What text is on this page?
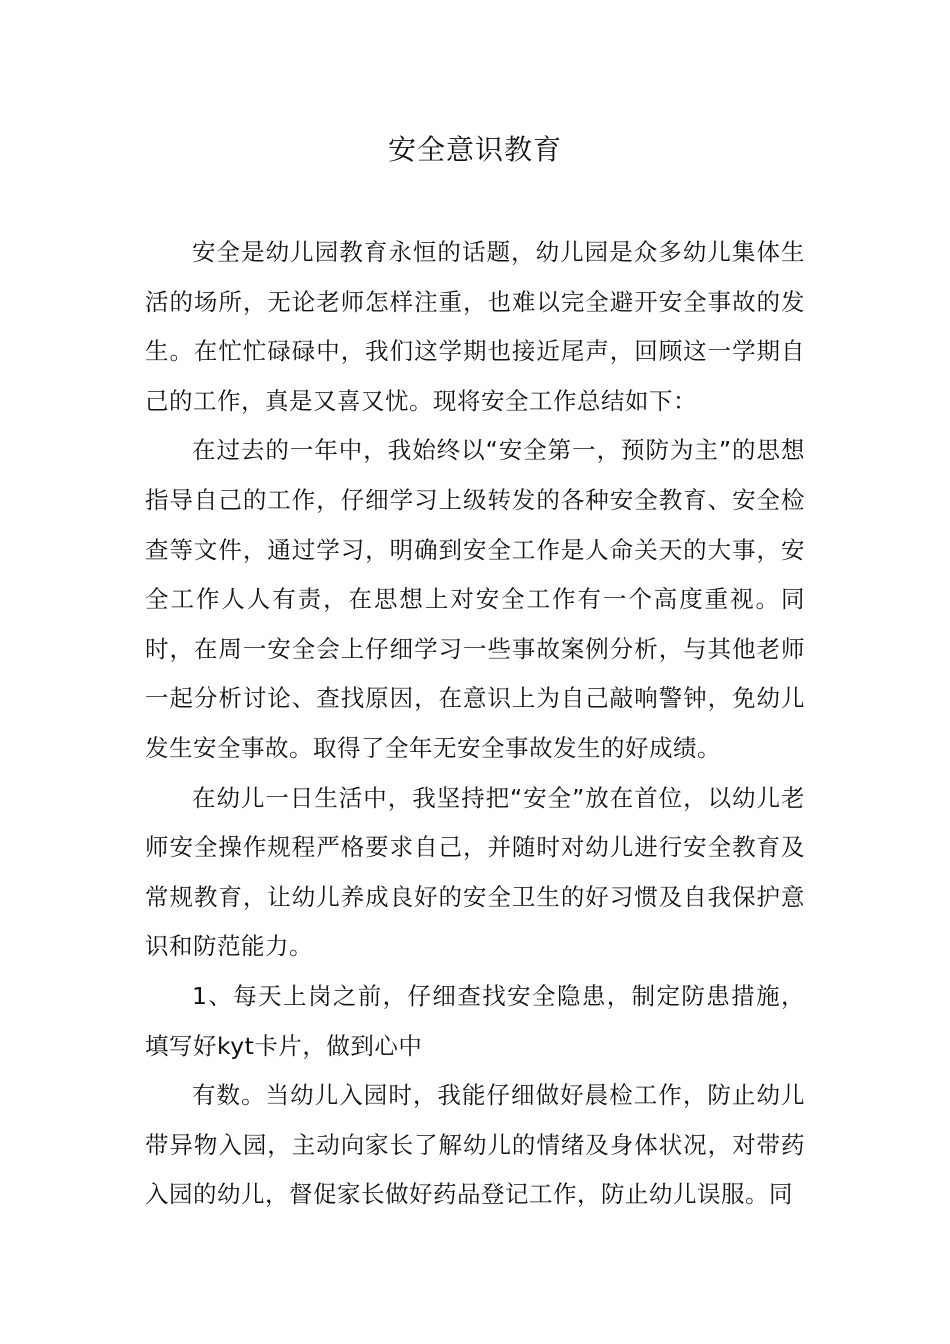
安全意识教育

安全是幼儿园教育永恒的话题，幼儿园是众多幼儿集体生活的场所，无论老师怎样注重，也难以完全避开安全事故的发生。在忙忙碌碌中，我们这学期也接近尾声，回顾这一学期自己的工作，真是又喜又忧。现将安全工作总结如下：

在过去的一年中，我始终以“安全第一，预防为主”的思想指导自己的工作，仔细学习上级转发的各种安全教育、安全检查等文件，通过学习，明确到安全工作是人命关天的大事，安全工作人人有责，在思想上对安全工作有一个高度重视。同时，在周一安全会上仔细学习一些事故案例分析，与其他老师一起分析讨论、查找原因，在意识上为自己敲响警钟，免幼儿发生安全事故。取得了全年无安全事故发生的好成绩。

在幼儿一日生活中，我坚持把“安全”放在首位，以幼儿老师安全操作规程严格要求自己，并随时对幼儿进行安全教育及常规教育，让幼儿养成良好的安全卫生的好习惯及自我保护意识和防范能力。

1、每天上岗之前，仔细查找安全隐患，制定防患措施，填写好kyt卡片，做到心中

有数。当幼儿入园时，我能仔细做好晨检工作，防止幼儿带异物入园，主动向家长了解幼儿的情绪及身体状况，对带药入园的幼儿，督促家长做好药品登记工作，防止幼儿误服。同
